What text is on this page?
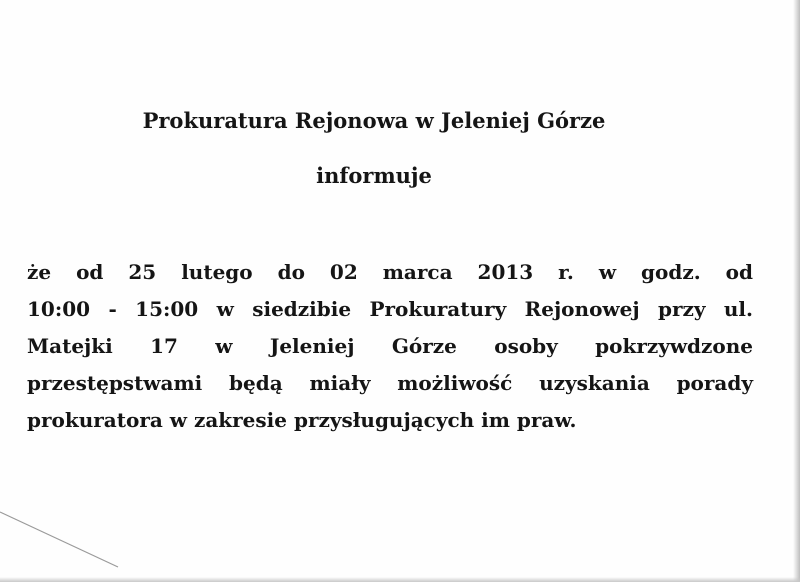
Prokuratura Rejonowa w Jeleniej Górze
informuje
że od 25 lutego do 02 marca 2013 r. w godz. od
10:00 - 15:00 w siedzibie Prokuratury Rejonowej przy ul.
Matejki 17 w Jeleniej Górze osoby pokrzywdzone
przestępstwami będą miały możliwość uzyskania porady
prokuratora w zakresie przysługujących im praw.
